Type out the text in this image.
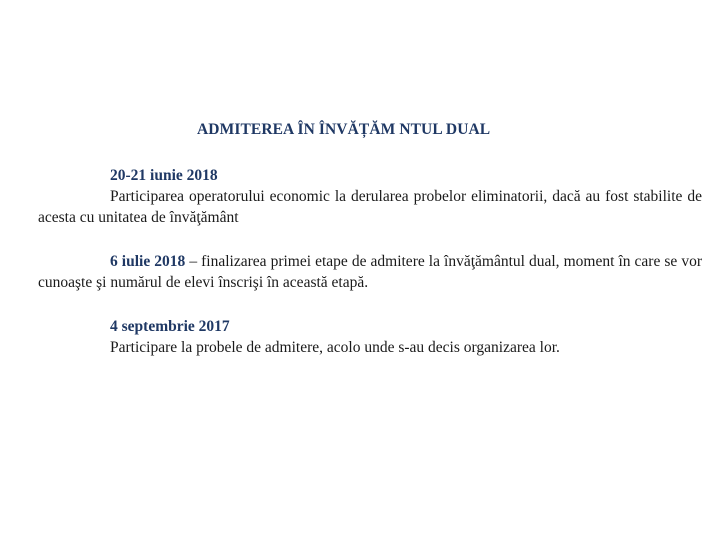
ADMITEREA ÎN ÎNVĂȚĂM NTUL DUAL

20-21 iunie 2018

Participarea operatorului economic la derularea probelor eliminatorii, dacă au fost stabilite de acesta cu unitatea de învăţământ

6 iulie 2018 – finalizarea primei etape de admitere la învăţământul dual, moment în care se vor cunoaşte şi numărul de elevi înscrişi în această etapă.

4 septembrie 2017

Participare la probele de admitere, acolo unde s-au decis organizarea lor.
